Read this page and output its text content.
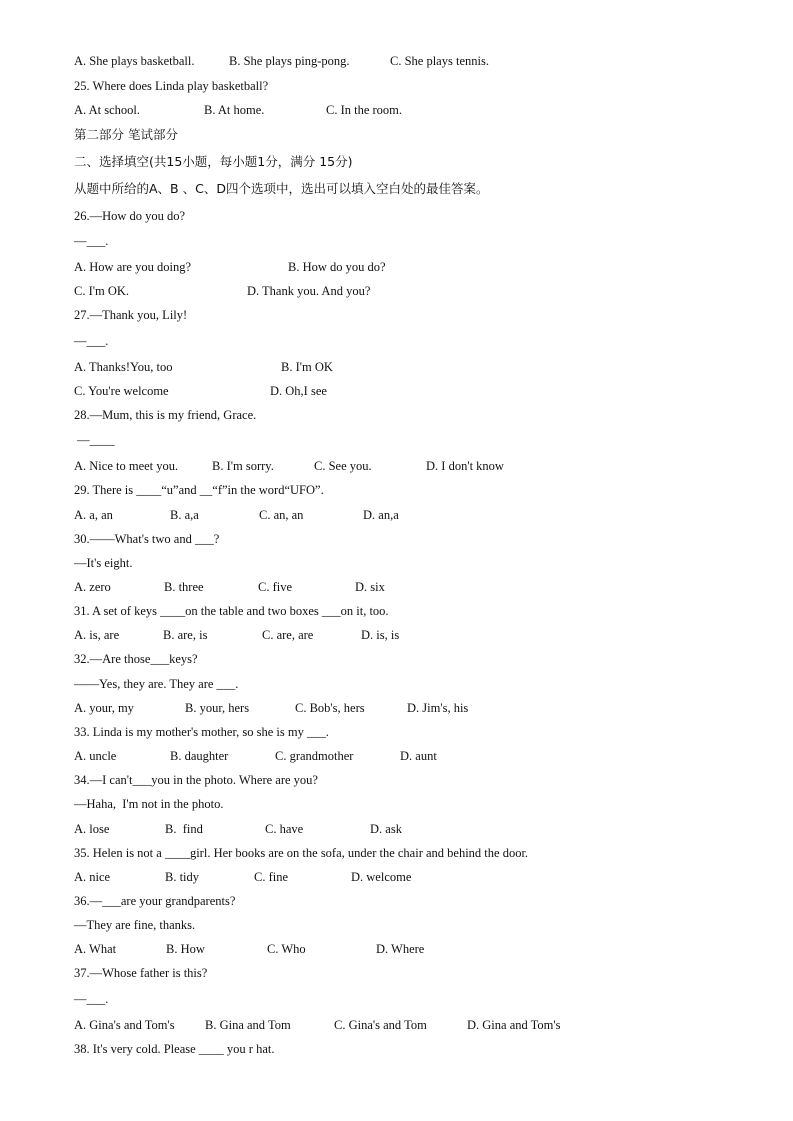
A. She plays basketball.	B. She plays ping-pong.	C. She plays tennis.
25. Where does Linda play basketball?
A. At school.	B. At home.	C. In the room.
第二部分 笔试部分
二、选择填空(共15小题，每小题1分，满分 15分)
从题中所给的A、B 、C、D四个选项中，选出可以填入空白处的最佳答案。
26.—How do you do?
—___.
A. How are you doing?	B. How do you do?
C. I'm OK.	D. Thank you. And you?
27.—Thank you, Lily!
—___.
A. Thanks!You, too	B. I'm OK
C. You're welcome	D. Oh,I see
28.—Mum, this is my friend, Grace.
—____
A. Nice to meet you.	B. I'm sorry.	C. See you.	D. I don't know
29. There is ____“u”and __“f”in the word“UFO”.
A. a, an	B. a,a	C. an, an	D. an,a
30.——What's two and ___?
—It's eight.
A. zero	B. three	C. five	D. six
31. A set of keys ____on the table and two boxes ___on it, too.
A. is, are	B. are, is	C. are, are	D. is, is
32.—Are those___keys?
——Yes, they are. They are ___.
A. your, my	B. your, hers	C. Bob's, hers	D. Jim's, his
33. Linda is my mother's mother, so she is my ___.
A. uncle	B. daughter	C. grandmother	D. aunt
34.—I can't___you in the photo. Where are you?
—Haha,  I'm not in the photo.
A. lose	B.  find	C. have	D. ask
35. Helen is not a ____girl. Her books are on the sofa, under the chair and behind the door.
A. nice	B. tidy	C. fine	D. welcome
36.—___are your grandparents?
—They are fine, thanks.
A. What	B. How	C. Who	D. Where
37.—Whose father is this?
—___.
A. Gina's and Tom's B. Gina and Tom	C. Gina's and Tom	D. Gina and Tom's
38. It's very cold. Please ____ you r hat.
